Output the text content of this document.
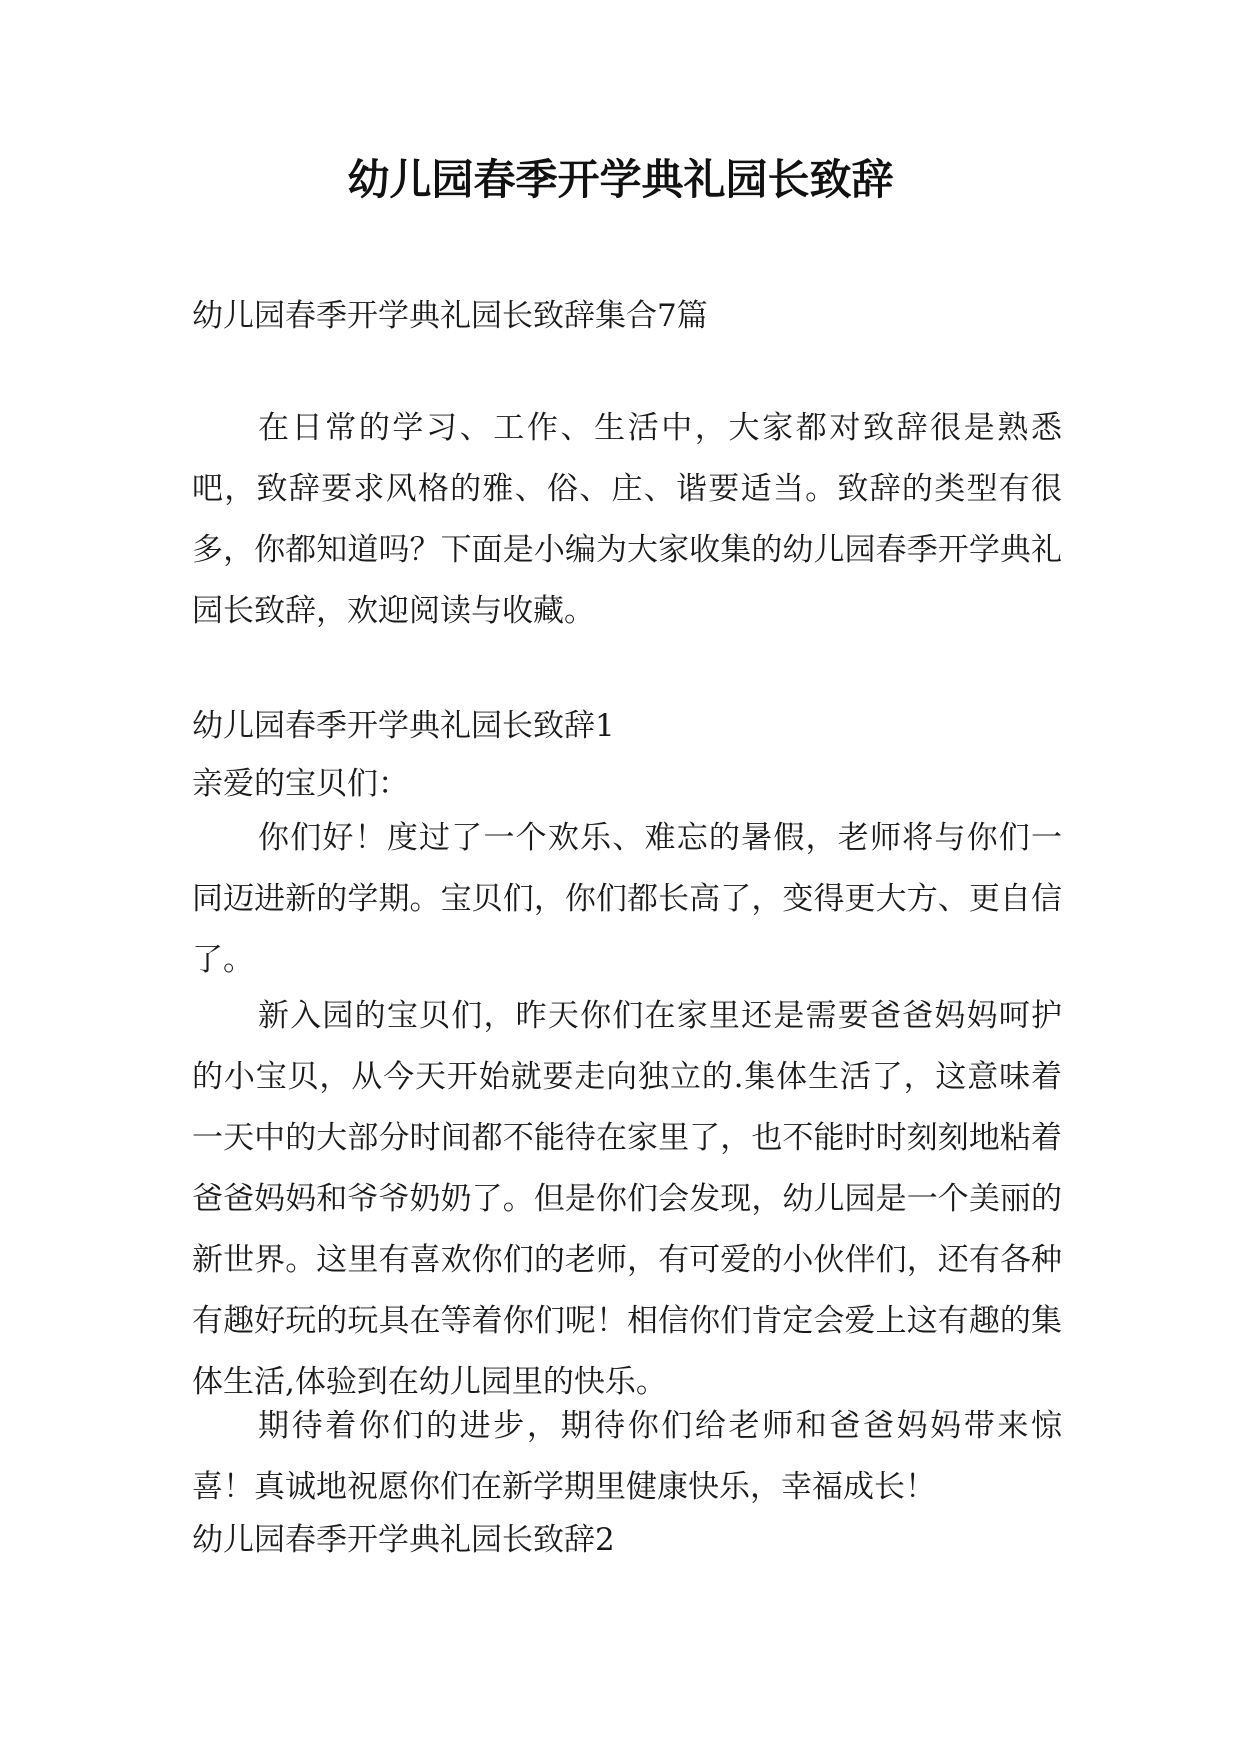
幼儿园春季开学典礼园长致辞

幼儿园春季开学典礼园长致辞集合7篇

在日常的学习、工作、生活中，大家都对致辞很是熟悉吧，致辞要求风格的雅、俗、庄、谐要适当。致辞的类型有很多，你都知道吗？下面是小编为大家收集的幼儿园春季开学典礼园长致辞，欢迎阅读与收藏。

幼儿园春季开学典礼园长致辞1

亲爱的宝贝们：

你们好！度过了一个欢乐、难忘的暑假，老师将与你们一同迈进新的学期。宝贝们，你们都长高了，变得更大方、更自信了。

新入园的宝贝们，昨天你们在家里还是需要爸爸妈妈呵护的小宝贝，从今天开始就要走向独立的.集体生活了，这意味着一天中的大部分时间都不能待在家里了，也不能时时刻刻地粘着爸爸妈妈和爷爷奶奶了。但是你们会发现，幼儿园是一个美丽的新世界。这里有喜欢你们的老师，有可爱的小伙伴们，还有各种有趣好玩的玩具在等着你们呢！相信你们肯定会爱上这有趣的集体生活,体验到在幼儿园里的快乐。

期待着你们的进步，期待你们给老师和爸爸妈妈带来惊喜！真诚地祝愿你们在新学期里健康快乐，幸福成长！

幼儿园春季开学典礼园长致辞2
